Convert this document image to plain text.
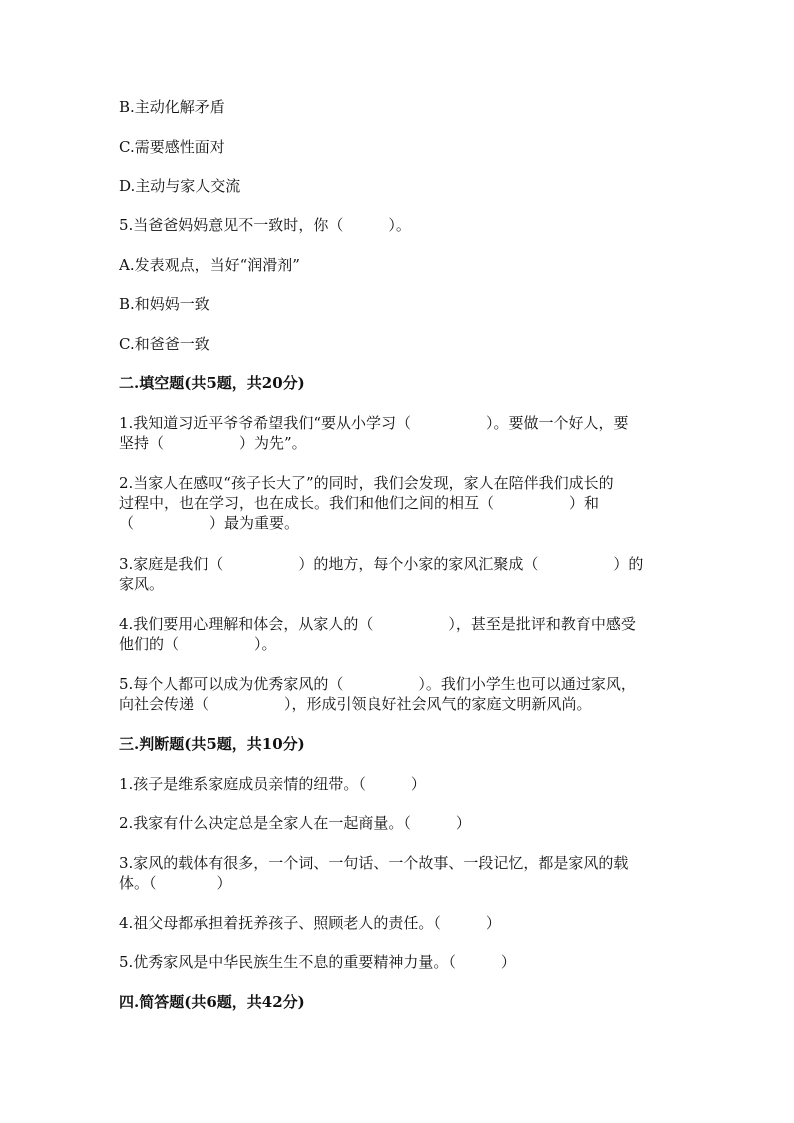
B.主动化解矛盾
C.需要感性面对
D.主动与家人交流
5.当爸爸妈妈意见不一致时，你（　　　）。
A.发表观点，当好“润滑剂”
B.和妈妈一致
C.和爸爸一致
二.填空题(共5题，共20分)
1.我知道习近平爷爷希望我们“要从小学习（　　　　　）。要做一个好人，要
坚持（　　　　　）为先”。
2.当家人在感叹“孩子长大了”的同时，我们会发现，家人在陪伴我们成长的
过程中，也在学习，也在成长。我们和他们之间的相互（　　　　　）和
（　　　　　）最为重要。
3.家庭是我们（　　　　　）的地方，每个小家的家风汇聚成（　　　　　）的
家风。
4.我们要用心理解和体会，从家人的（　　　　　），甚至是批评和教育中感受
他们的（　　　　　）。
5.每个人都可以成为优秀家风的（　　　　　）。我们小学生也可以通过家风，
向社会传递（　　　　　），形成引领良好社会风气的家庭文明新风尚。
三.判断题(共5题，共10分)
1.孩子是维系家庭成员亲情的纽带。（　　　）
2.我家有什么决定总是全家人在一起商量。（　　　）
3.家风的载体有很多，一个词、一句话、一个故事、一段记忆，都是家风的载
体。（　　　　）
4.祖父母都承担着抚养孩子、照顾老人的责任。（　　　）
5.优秀家风是中华民族生生不息的重要精神力量。（　　　）
四.简答题(共6题，共42分)
